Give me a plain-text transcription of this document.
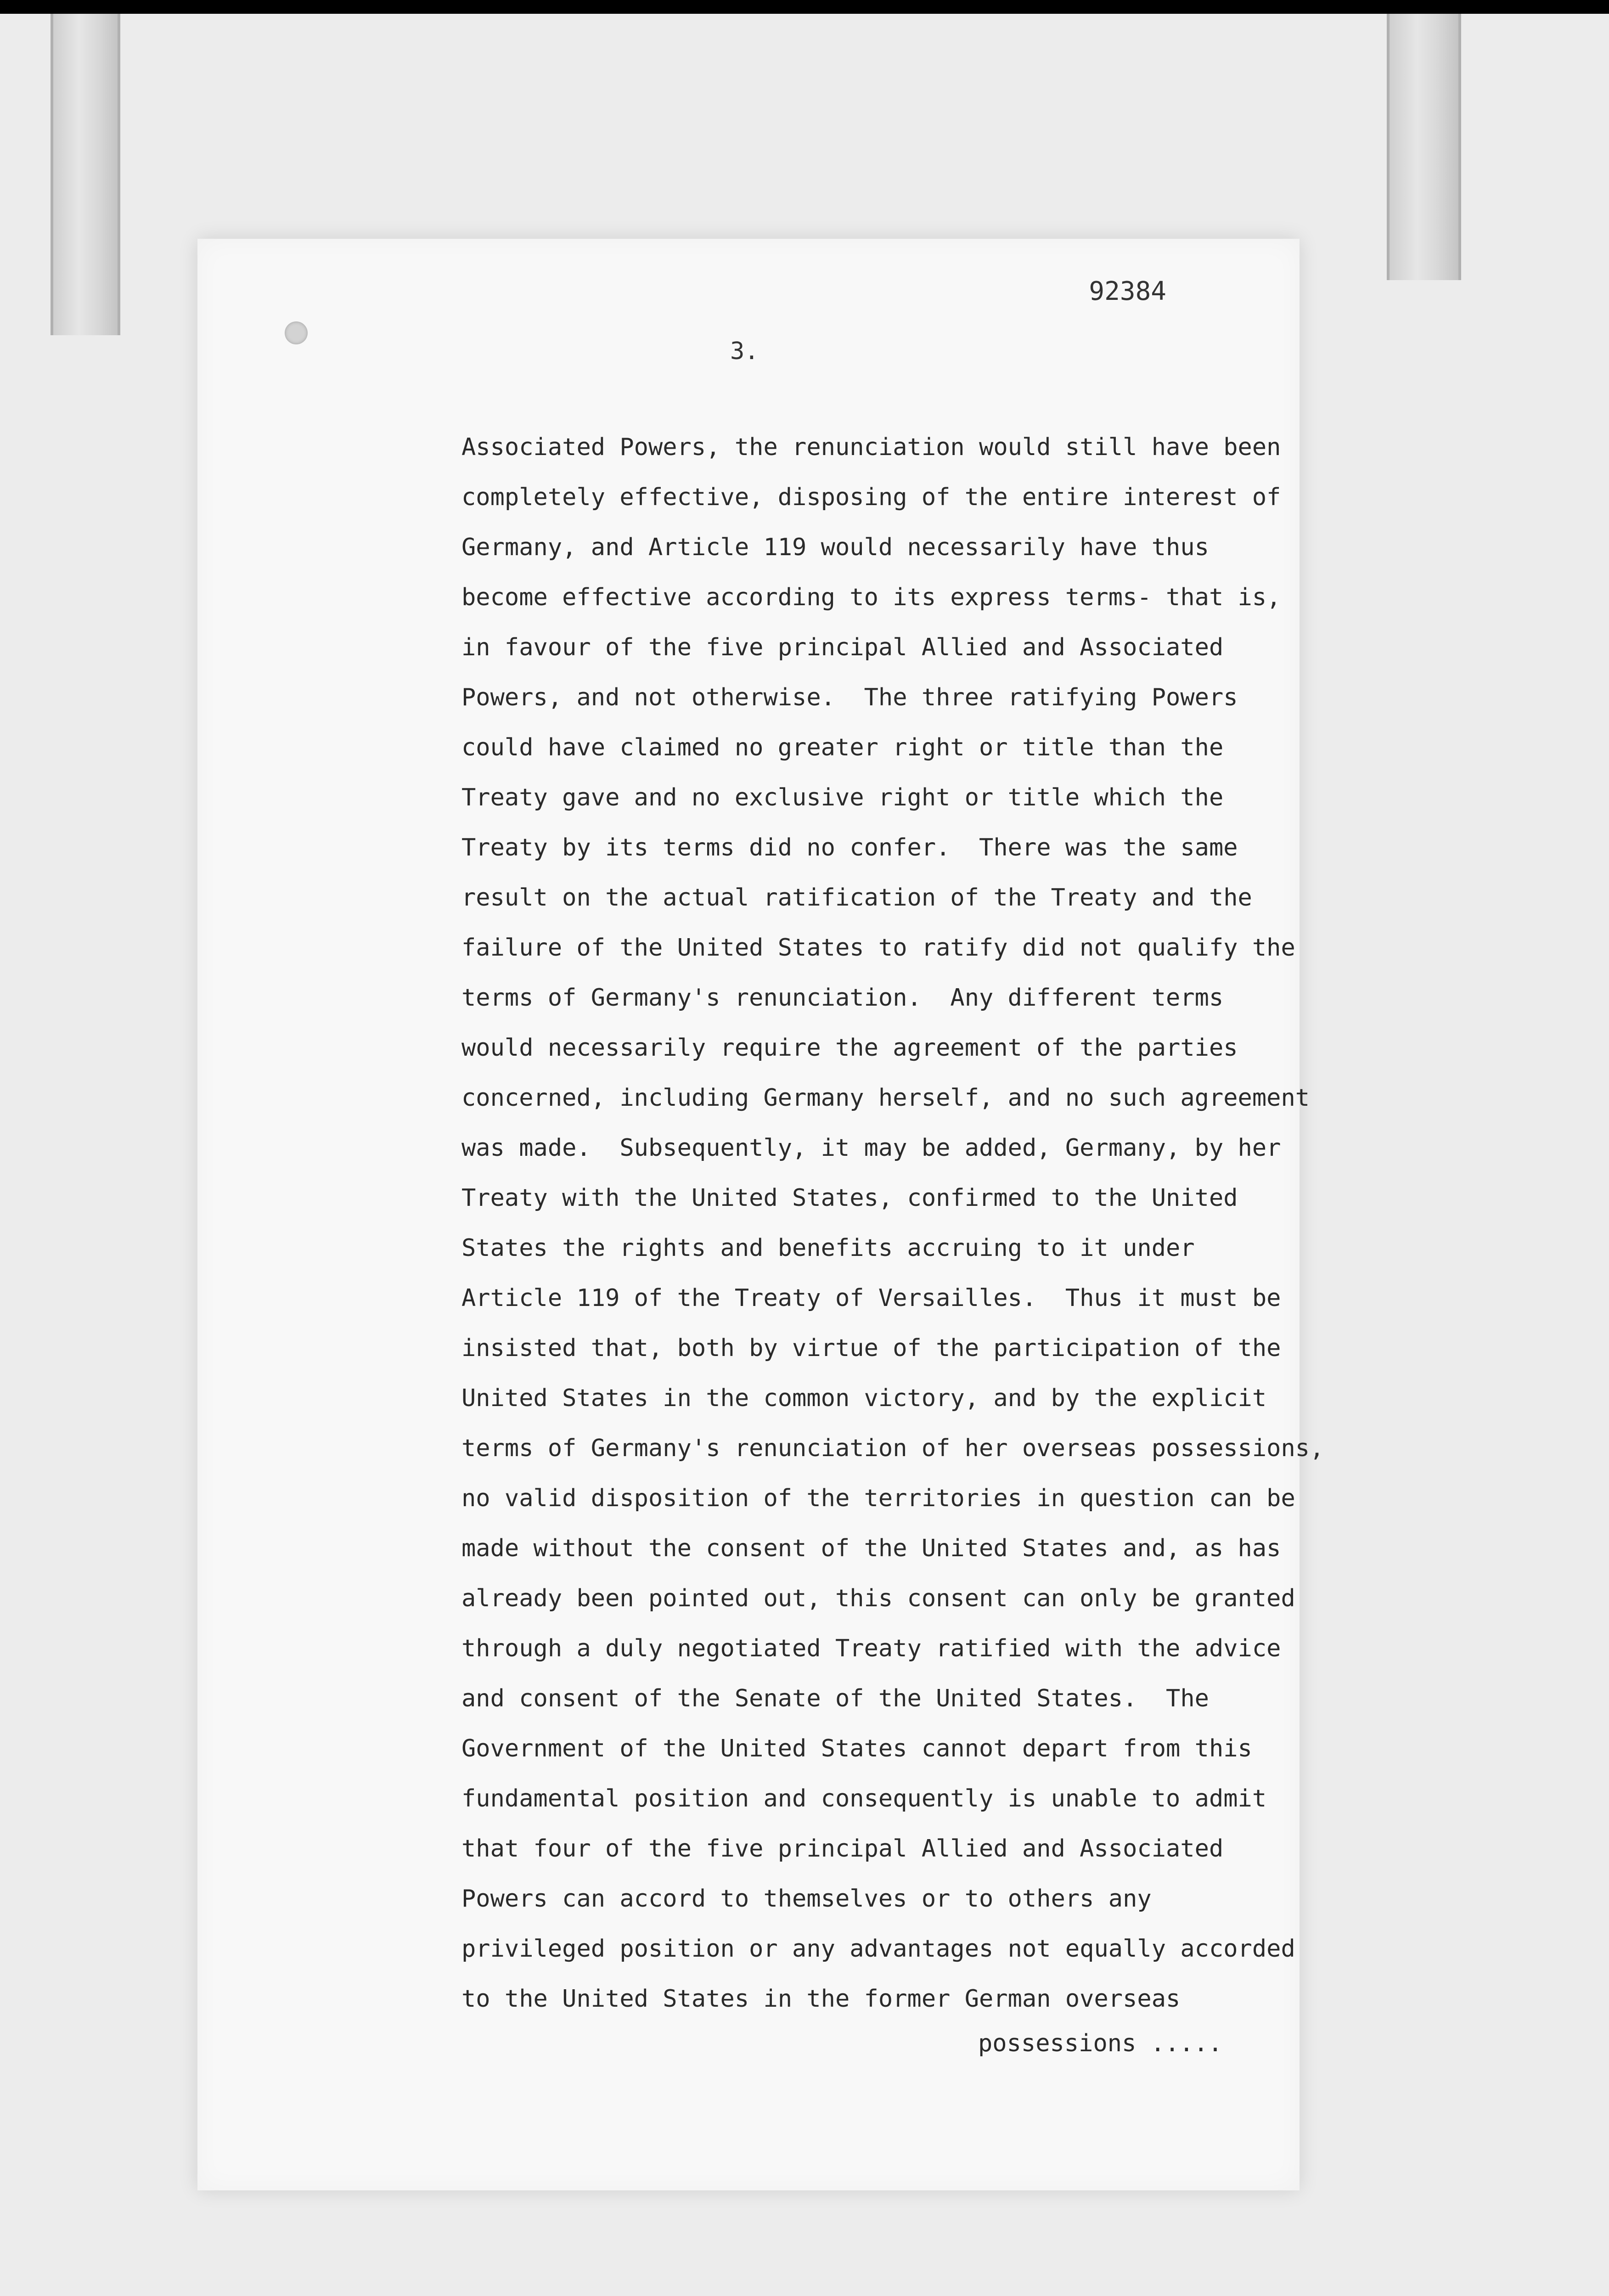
92384
3.
Associated Powers, the renunciation would still have been
completely effective, disposing of the entire interest of
Germany, and Article 119 would necessarily have thus
become effective according to its express terms- that is,
in favour of the five principal Allied and Associated
Powers, and not otherwise.  The three ratifying Powers
could have claimed no greater right or title than the
Treaty gave and no exclusive right or title which the
Treaty by its terms did no confer.  There was the same
result on the actual ratification of the Treaty and the
failure of the United States to ratify did not qualify the
terms of Germany's renunciation.  Any different terms
would necessarily require the agreement of the parties
concerned, including Germany herself, and no such agreement
was made.  Subsequently, it may be added, Germany, by her
Treaty with the United States, confirmed to the United
States the rights and benefits accruing to it under
Article 119 of the Treaty of Versailles.  Thus it must be
insisted that, both by virtue of the participation of the
United States in the common victory, and by the explicit
terms of Germany's renunciation of her overseas possessions,
no valid disposition of the territories in question can be
made without the consent of the United States and, as has
already been pointed out, this consent can only be granted
through a duly negotiated Treaty ratified with the advice
and consent of the Senate of the United States.  The
Government of the United States cannot depart from this
fundamental position and consequently is unable to admit
that four of the five principal Allied and Associated
Powers can accord to themselves or to others any
privileged position or any advantages not equally accorded
to the United States in the former German overseas
possessions .....
